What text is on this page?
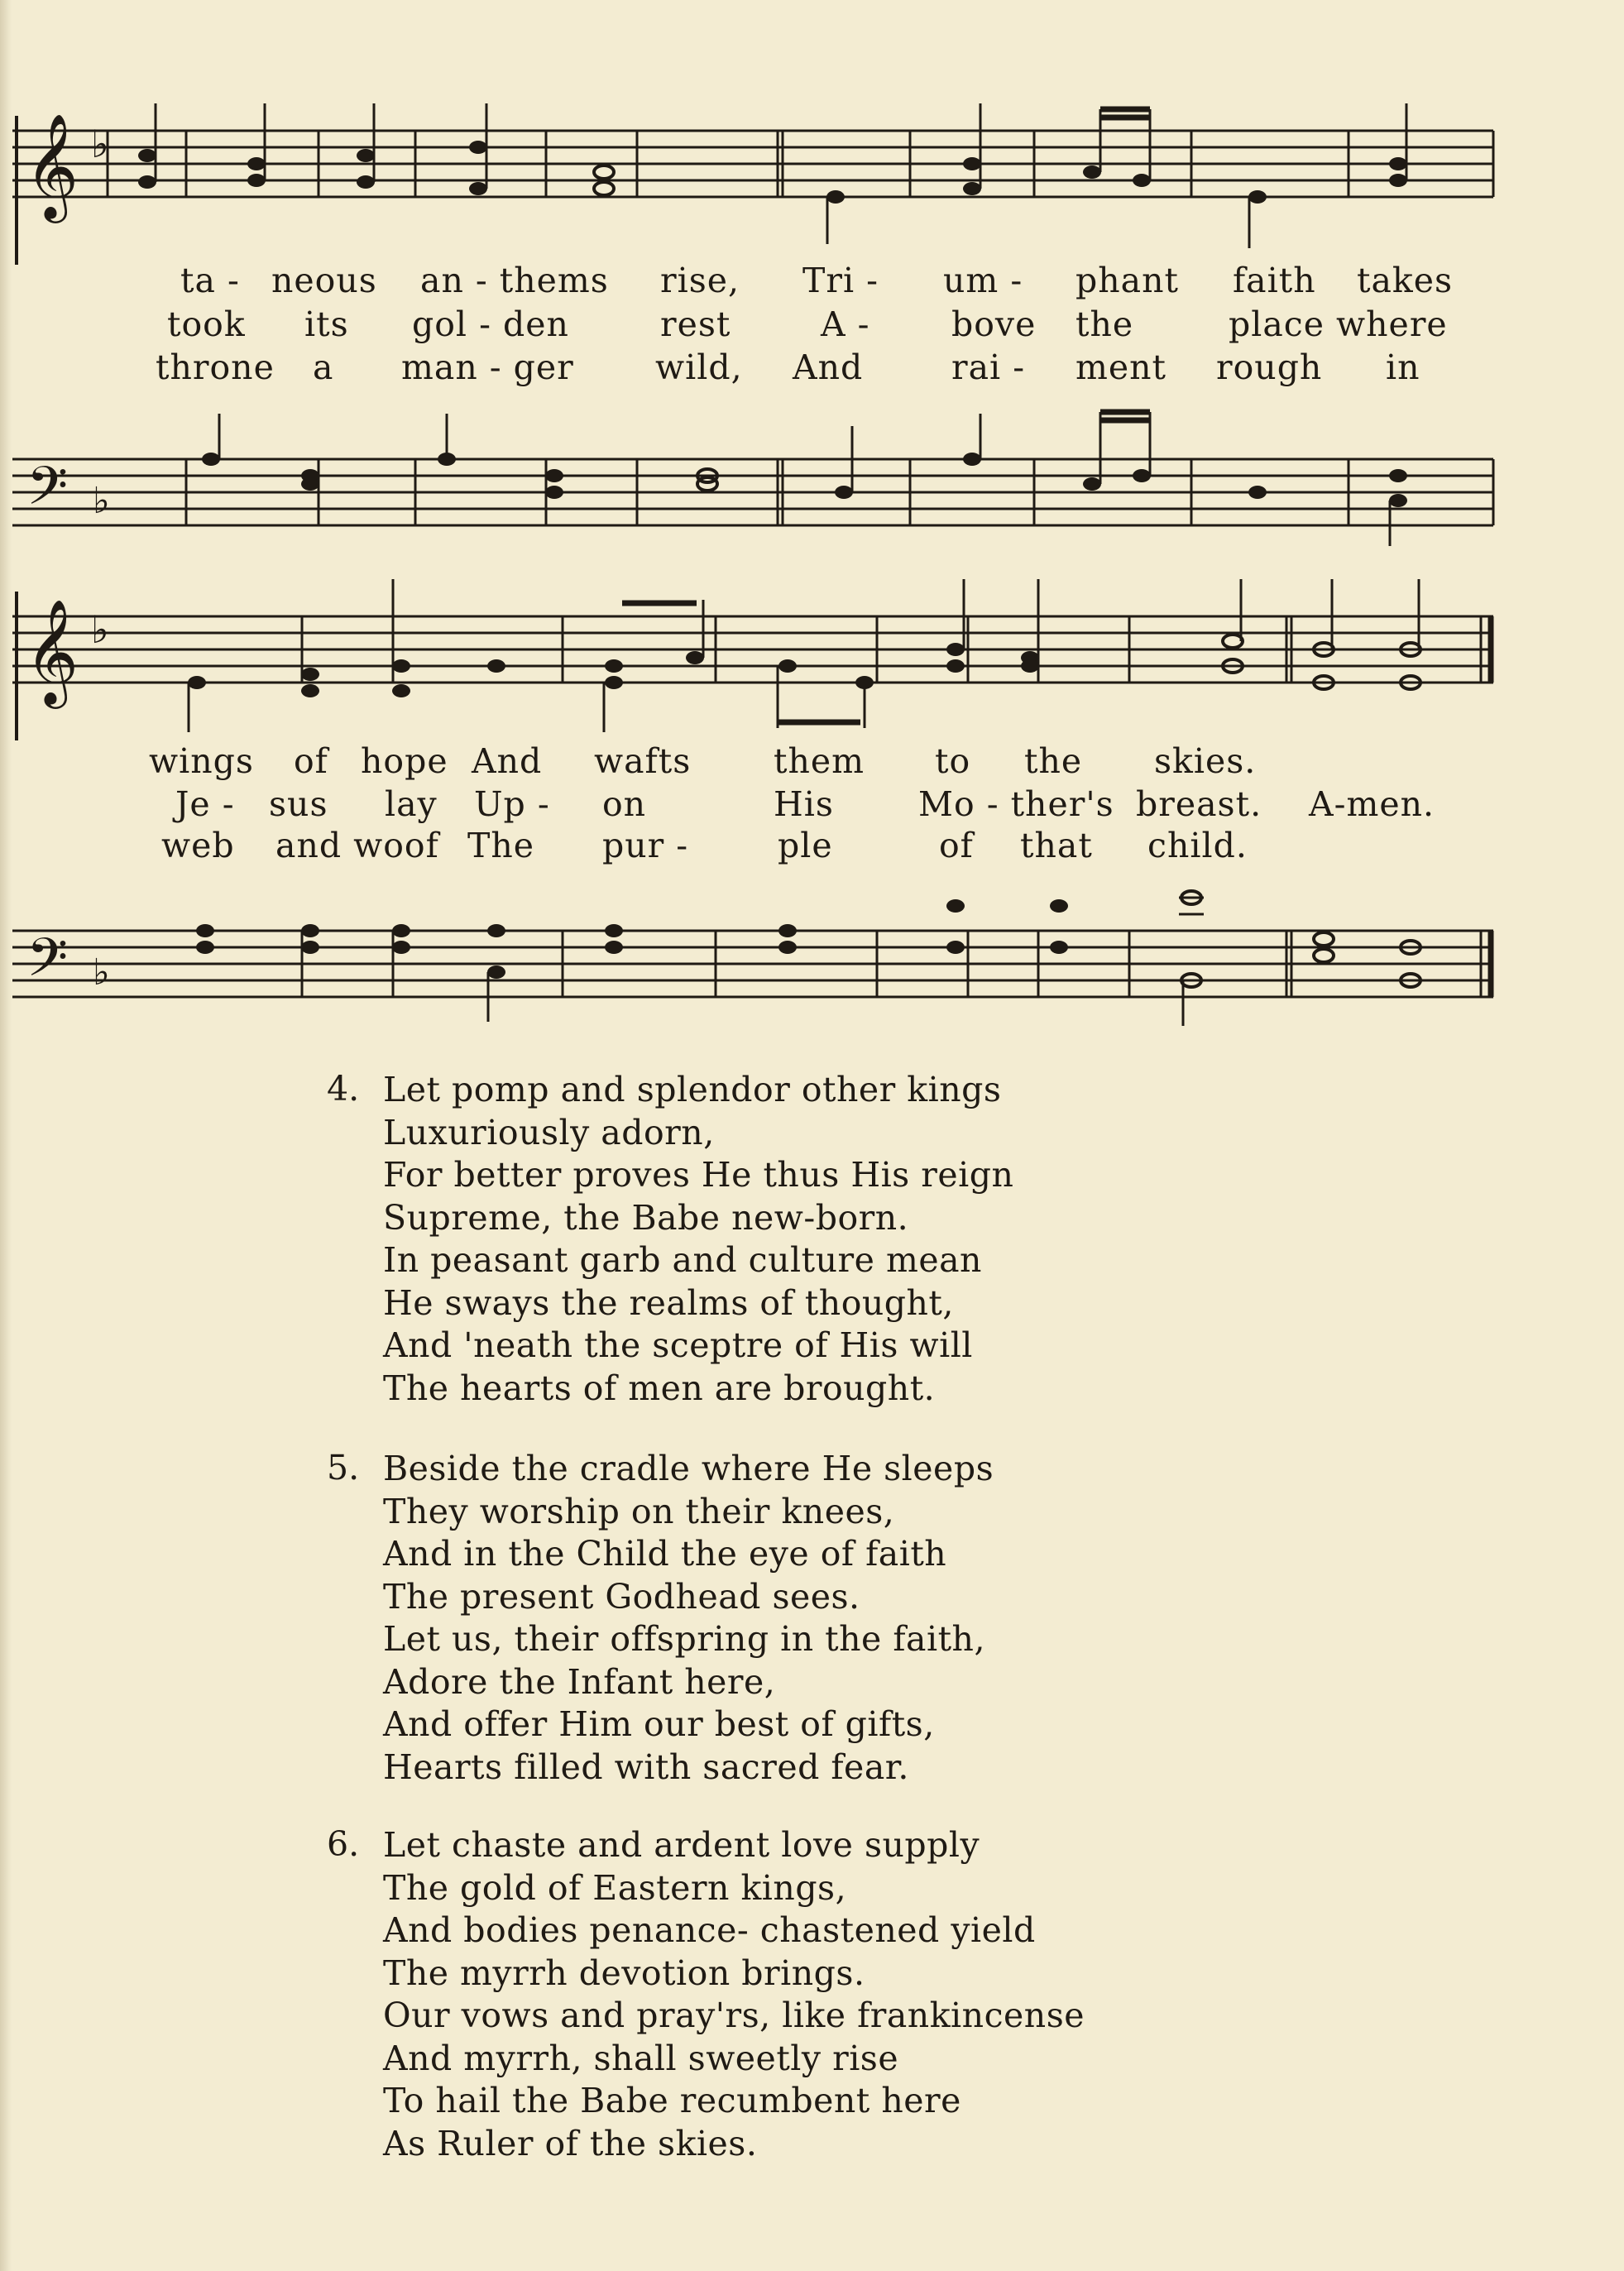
𝄞 ♭
ta - neous an - thems rise, Tri - um - phant faith takes
took its gol - den	rest	A - bove the	place where
throne a man - ger wild, And	rai - ment rough in
𝄢 ♭
𝄞 ♭
wings of hope And wafts them to the skies.
Je - sus lay Up - on	His Mo - ther's breast. A-men.
web and woof The pur -	ple	of that child.
𝄢 ♭
4. Let pomp and splendor other kings
Luxuriously adorn,
For better proves He thus His reign
Supreme, the Babe new-born.
In peasant garb and culture mean
He sways the realms of thought,
And 'neath the sceptre of His will
The hearts of men are brought.
5. Beside the cradle where He sleeps
They worship on their knees,
And in the Child the eye of faith
The present Godhead sees.
Let us, their offspring in the faith,
Adore the Infant here,
And offer Him our best of gifts,
Hearts filled with sacred fear.
6. Let chaste and ardent love supply
The gold of Eastern kings,
And bodies penance- chastened yield
The myrrh devotion brings.
Our vows and pray'rs, like frankincense
And myrrh, shall sweetly rise
To hail the Babe recumbent here
As Ruler of the skies.
